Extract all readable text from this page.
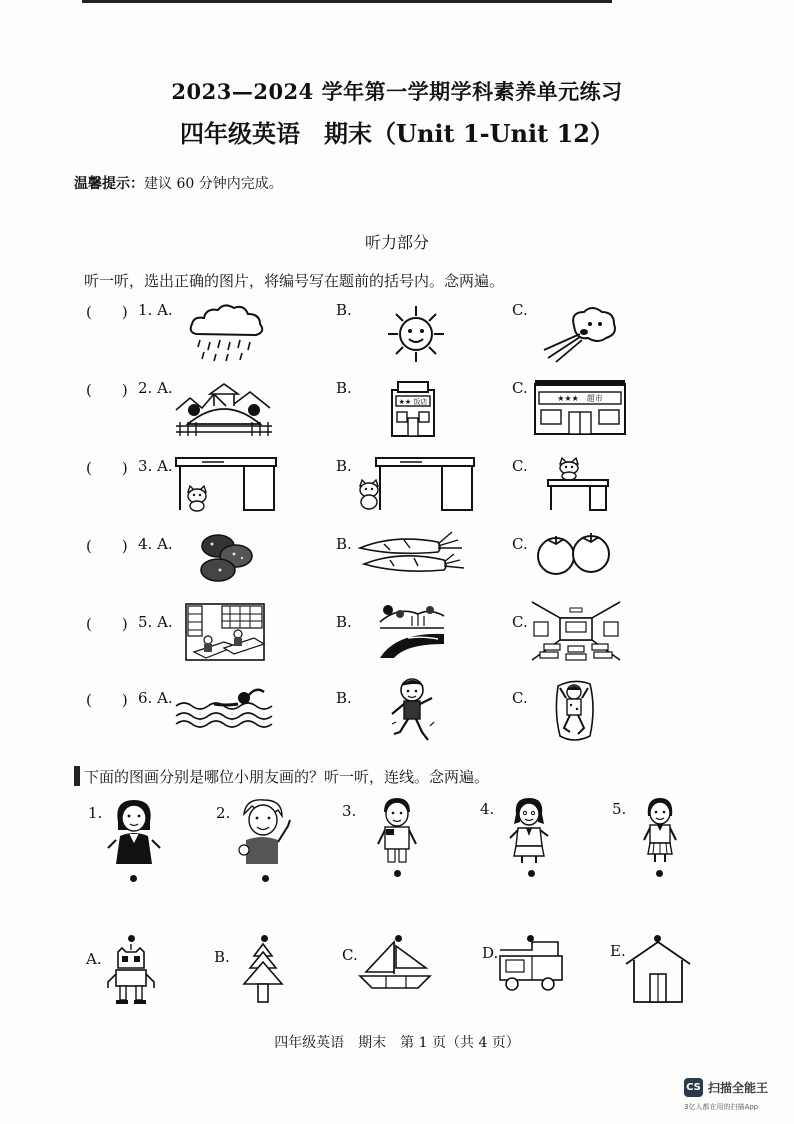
2023—2024 学年第一学期学科素养单元练习
四年级英语　期末（Unit 1-Unit 12）
温馨提示：建议 60 分钟内完成。
听力部分
听一听，选出正确的图片，将编号写在题前的括号内。念两遍。
(　　) 1. A.	B.	C.
(　　) 2. A.	B.	C.
★★ 饭店	★★★　超市
(　　) 3. A.	B.	C.
(　　) 4. A.	B.	C.
(　　) 5. A.	B.	C.
(　　) 6. A.	B.	C.
下面的图画分别是哪位小朋友画的？听一听，连线。念两遍。
1.	2.	3.	4.	5.
A.	B.	C.	D.	E.
四年级英语　期末　第 1 页（共 4 页）
CS 扫描全能王
3亿人都在用的扫描App
